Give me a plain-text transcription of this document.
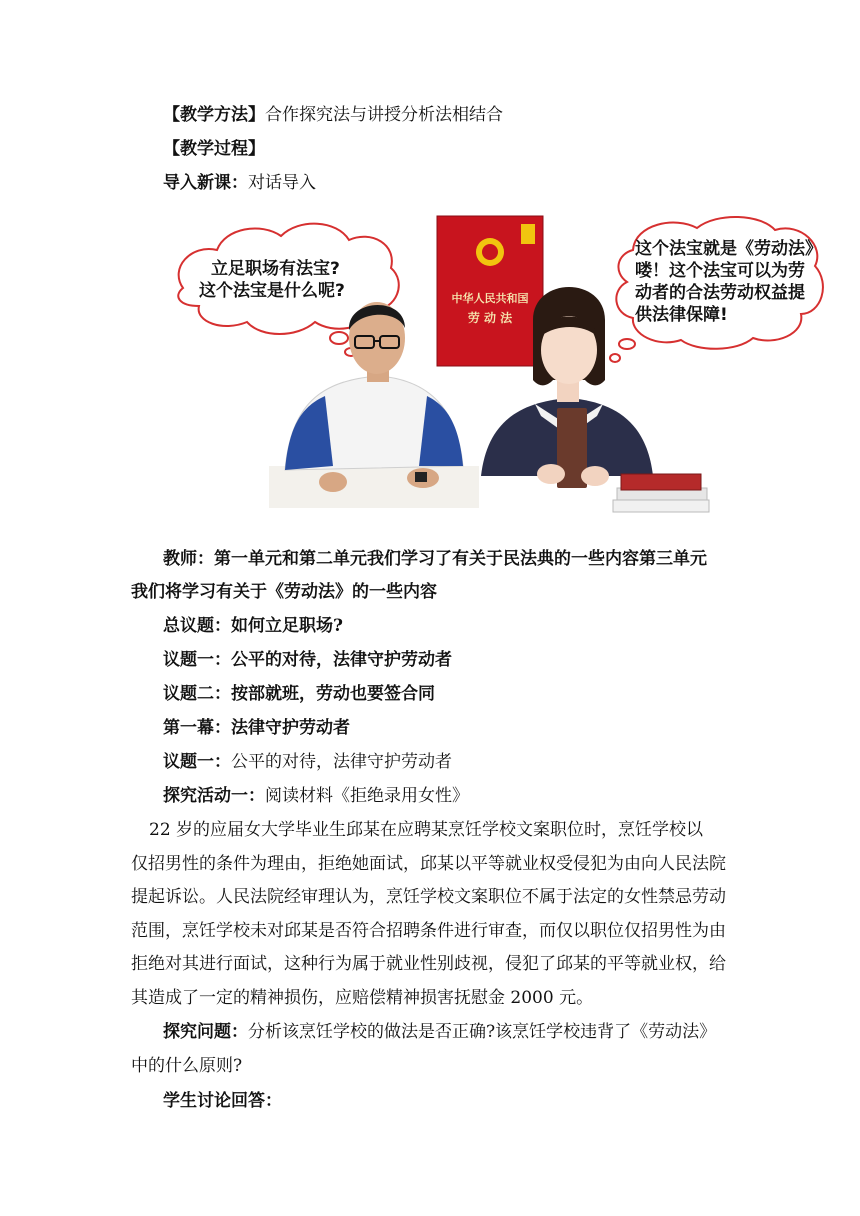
【教学方法】合作探究法与讲授分析法相结合
【教学过程】
导入新课：对话导入
立足职场有法宝?
这个法宝是什么呢?	中华人民共和国
劳 动 法
这个法宝就是《劳动法》
喽！这个法宝可以为劳
动者的合法劳动权益提
供法律保障!
教师：第一单元和第二单元我们学习了有关于民法典的一些内容第三单元
我们将学习有关于《劳动法》的一些内容
总议题：如何立足职场?
议题一：公平的对待，法律守护劳动者
议题二：按部就班，劳动也要签合同
第一幕：法律守护劳动者
议题一：公平的对待，法律守护劳动者
探究活动一：阅读材料《拒绝录用女性》
22 岁的应届女大学毕业生邱某在应聘某烹饪学校文案职位时，烹饪学校以
仅招男性的条件为理由，拒绝她面试，邱某以平等就业权受侵犯为由向人民法院
提起诉讼。人民法院经审理认为，烹饪学校文案职位不属于法定的女性禁忌劳动
范围，烹饪学校未对邱某是否符合招聘条件进行审查，而仅以职位仅招男性为由
拒绝对其进行面试，这种行为属于就业性别歧视，侵犯了邱某的平等就业权，给
其造成了一定的精神损伤，应赔偿精神损害抚慰金 2000 元。
探究问题：分析该烹饪学校的做法是否正确?该烹饪学校违背了《劳动法》
中的什么原则?
学生讨论回答：
